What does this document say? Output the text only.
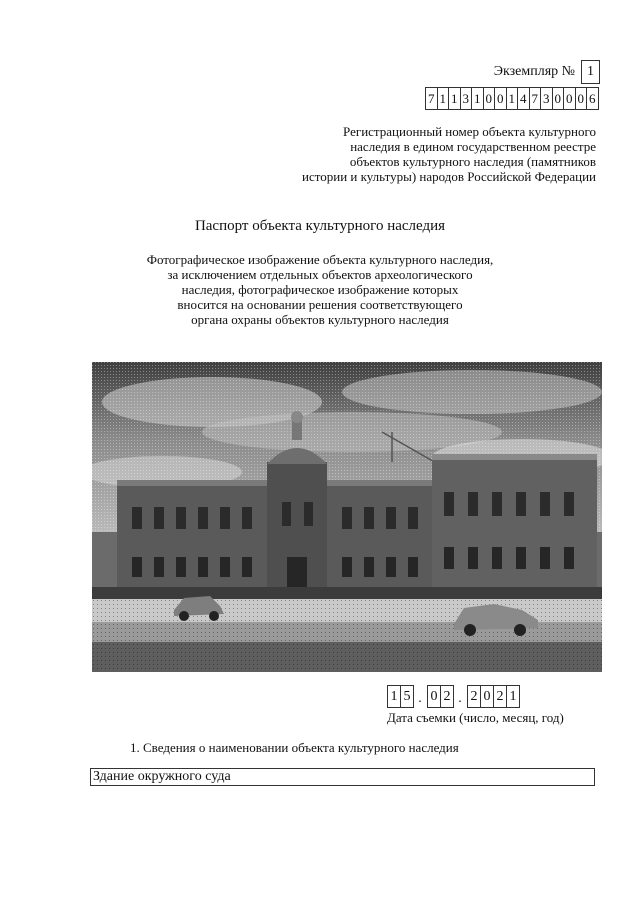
Экземпляр № 1
7 1 1 3 1 0 0 1 4 7 3 0 0 0 6
Регистрационный номер объекта культурного
наследия в едином государственном реестре
объектов культурного наследия (памятников
истории и культуры) народов Российской Федерации
Паспорт объекта культурного наследия
Фотографическое изображение объекта культурного наследия,
за исключением отдельных объектов археологического
наследия, фотографическое изображение которых
вносится на основании решения соответствующего
органа охраны объектов культурного наследия
1 5 . 0 2 . 2 0 2 1
Дата съемки (число, месяц, год)
1. Сведения о наименовании объекта культурного наследия
Здание окружного суда
